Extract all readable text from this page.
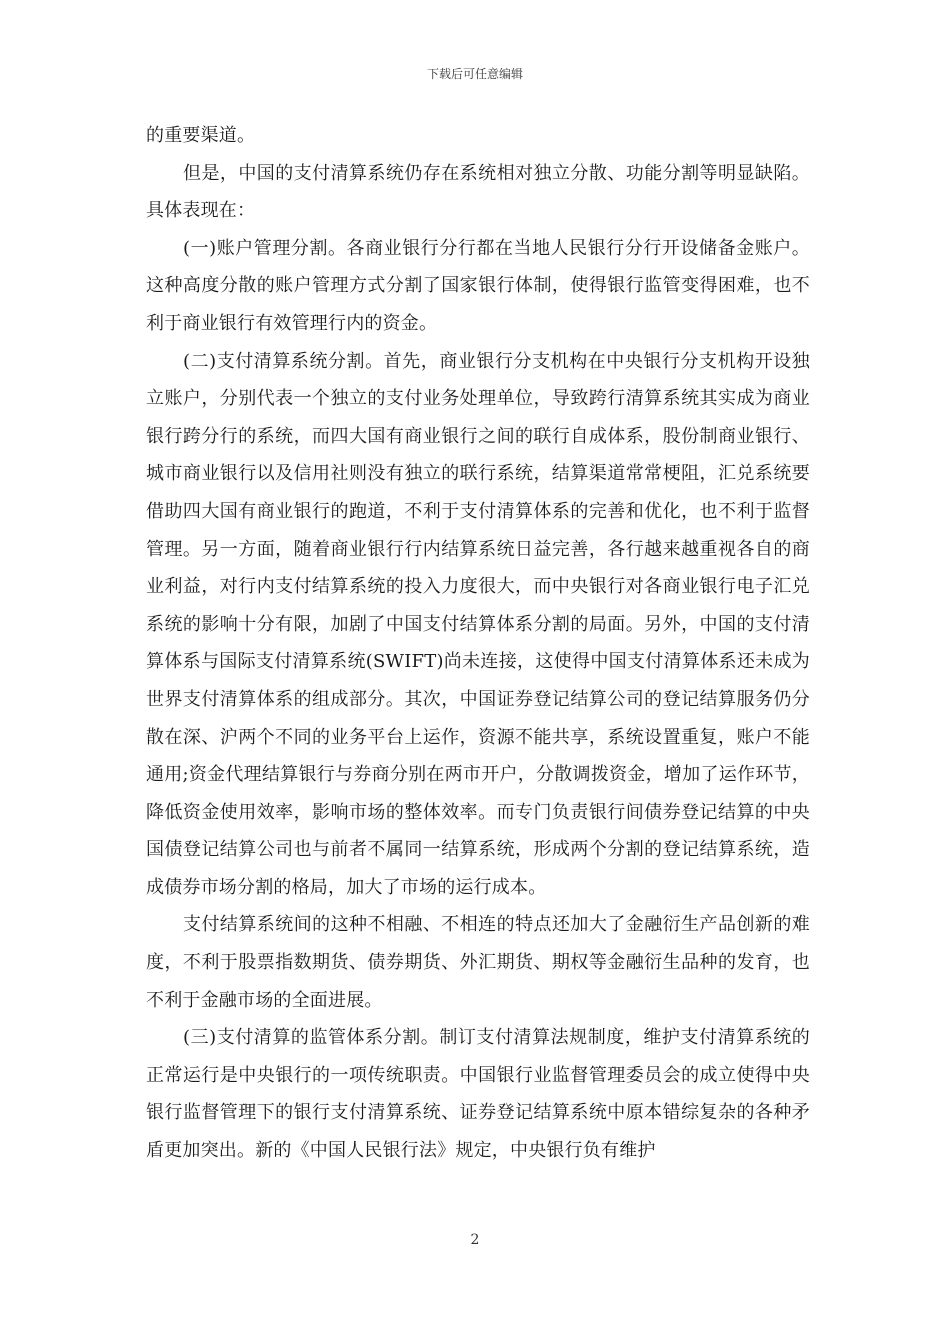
下载后可任意编辑

的重要渠道。

但是，中国的支付清算系统仍存在系统相对独立分散、功能分割等明显缺陷。具体表现在：

(一)账户管理分割。各商业银行分行都在当地人民银行分行开设储备金账户。这种高度分散的账户管理方式分割了国家银行体制，使得银行监管变得困难，也不利于商业银行有效管理行内的资金。

(二)支付清算系统分割。首先，商业银行分支机构在中央银行分支机构开设独立账户，分别代表一个独立的支付业务处理单位，导致跨行清算系统其实成为商业银行跨分行的系统，而四大国有商业银行之间的联行自成体系，股份制商业银行、城市商业银行以及信用社则没有独立的联行系统，结算渠道常常梗阻，汇兑系统要借助四大国有商业银行的跑道，不利于支付清算体系的完善和优化，也不利于监督管理。另一方面，随着商业银行行内结算系统日益完善，各行越来越重视各自的商业利益，对行内支付结算系统的投入力度很大，而中央银行对各商业银行电子汇兑系统的影响十分有限，加剧了中国支付结算体系分割的局面。另外，中国的支付清算体系与国际支付清算系统(SWIFT)尚未连接，这使得中国支付清算体系还未成为世界支付清算体系的组成部分。其次，中国证券登记结算公司的登记结算服务仍分散在深、沪两个不同的业务平台上运作，资源不能共享，系统设置重复，账户不能通用;资金代理结算银行与券商分别在两市开户，分散调拨资金，增加了运作环节，降低资金使用效率，影响市场的整体效率。而专门负责银行间债券登记结算的中央国债登记结算公司也与前者不属同一结算系统，形成两个分割的登记结算系统，造成债券市场分割的格局，加大了市场的运行成本。

支付结算系统间的这种不相融、不相连的特点还加大了金融衍生产品创新的难度，不利于股票指数期货、债券期货、外汇期货、期权等金融衍生品种的发育，也不利于金融市场的全面进展。

(三)支付清算的监管体系分割。制订支付清算法规制度，维护支付清算系统的正常运行是中央银行的一项传统职责。中国银行业监督管理委员会的成立使得中央银行监督管理下的银行支付清算系统、证券登记结算系统中原本错综复杂的各种矛盾更加突出。新的《中国人民银行法》规定，中央银行负有维护

2
